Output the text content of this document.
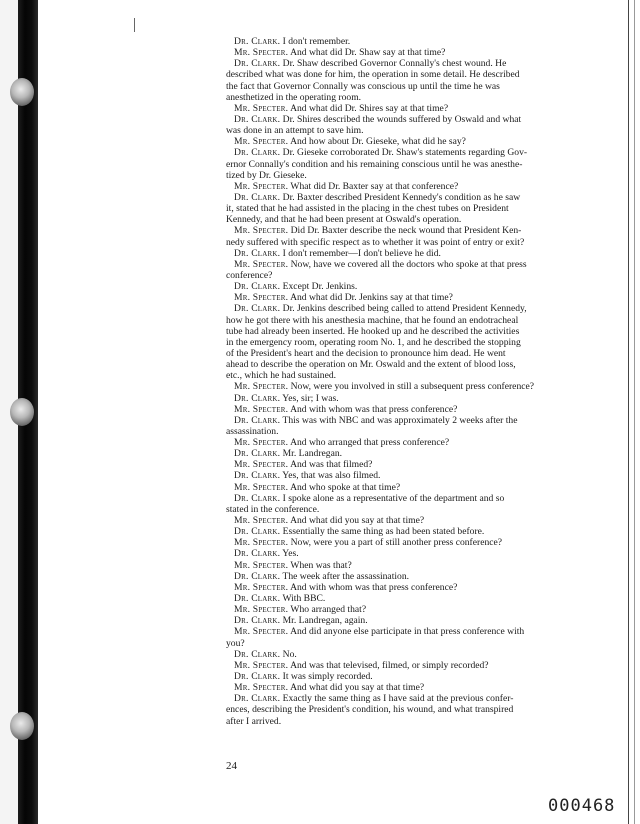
Dr. Clark. I don't remember.
Mr. Specter. And what did Dr. Shaw say at that time?
Dr. Clark. Dr. Shaw described Governor Connally's chest wound. He
described what was done for him, the operation in some detail. He described
the fact that Governor Connally was conscious up until the time he was
anesthetized in the operating room.
Mr. Specter. And what did Dr. Shires say at that time?
Dr. Clark. Dr. Shires described the wounds suffered by Oswald and what
was done in an attempt to save him.
Mr. Specter. And how about Dr. Gieseke, what did he say?
Dr. Clark. Dr. Gieseke corroborated Dr. Shaw's statements regarding Gov-
ernor Connally's condition and his remaining conscious until he was anesthe-
tized by Dr. Gieseke.
Mr. Specter. What did Dr. Baxter say at that conference?
Dr. Clark. Dr. Baxter described President Kennedy's condition as he saw
it, stated that he had assisted in the placing in the chest tubes on President
Kennedy, and that he had been present at Oswald's operation.
Mr. Specter. Did Dr. Baxter describe the neck wound that President Ken-
nedy suffered with specific respect as to whether it was point of entry or exit?
Dr. Clark. I don't remember—I don't believe he did.
Mr. Specter. Now, have we covered all the doctors who spoke at that press
conference?
Dr. Clark. Except Dr. Jenkins.
Mr. Specter. And what did Dr. Jenkins say at that time?
Dr. Clark. Dr. Jenkins described being called to attend President Kennedy,
how he got there with his anesthesia machine, that he found an endotracheal
tube had already been inserted. He hooked up and he described the activities
in the emergency room, operating room No. 1, and he described the stopping
of the President's heart and the decision to pronounce him dead. He went
ahead to describe the operation on Mr. Oswald and the extent of blood loss,
etc., which he had sustained.
Mr. Specter. Now, were you involved in still a subsequent press conference?
Dr. Clark. Yes, sir; I was.
Mr. Specter. And with whom was that press conference?
Dr. Clark. This was with NBC and was approximately 2 weeks after the
assassination.
Mr. Specter. And who arranged that press conference?
Dr. Clark. Mr. Landregan.
Mr. Specter. And was that filmed?
Dr. Clark. Yes, that was also filmed.
Mr. Specter. And who spoke at that time?
Dr. Clark. I spoke alone as a representative of the department and so
stated in the conference.
Mr. Specter. And what did you say at that time?
Dr. Clark. Essentially the same thing as had been stated before.
Mr. Specter. Now, were you a part of still another press conference?
Dr. Clark. Yes.
Mr. Specter. When was that?
Dr. Clark. The week after the assassination.
Mr. Specter. And with whom was that press conference?
Dr. Clark. With BBC.
Mr. Specter. Who arranged that?
Dr. Clark. Mr. Landregan, again.
Mr. Specter. And did anyone else participate in that press conference with
you?
Dr. Clark. No.
Mr. Specter. And was that televised, filmed, or simply recorded?
Dr. Clark. It was simply recorded.
Mr. Specter. And what did you say at that time?
Dr. Clark. Exactly the same thing as I have said at the previous confer-
ences, describing the President's condition, his wound, and what transpired
after I arrived.
24
000468
